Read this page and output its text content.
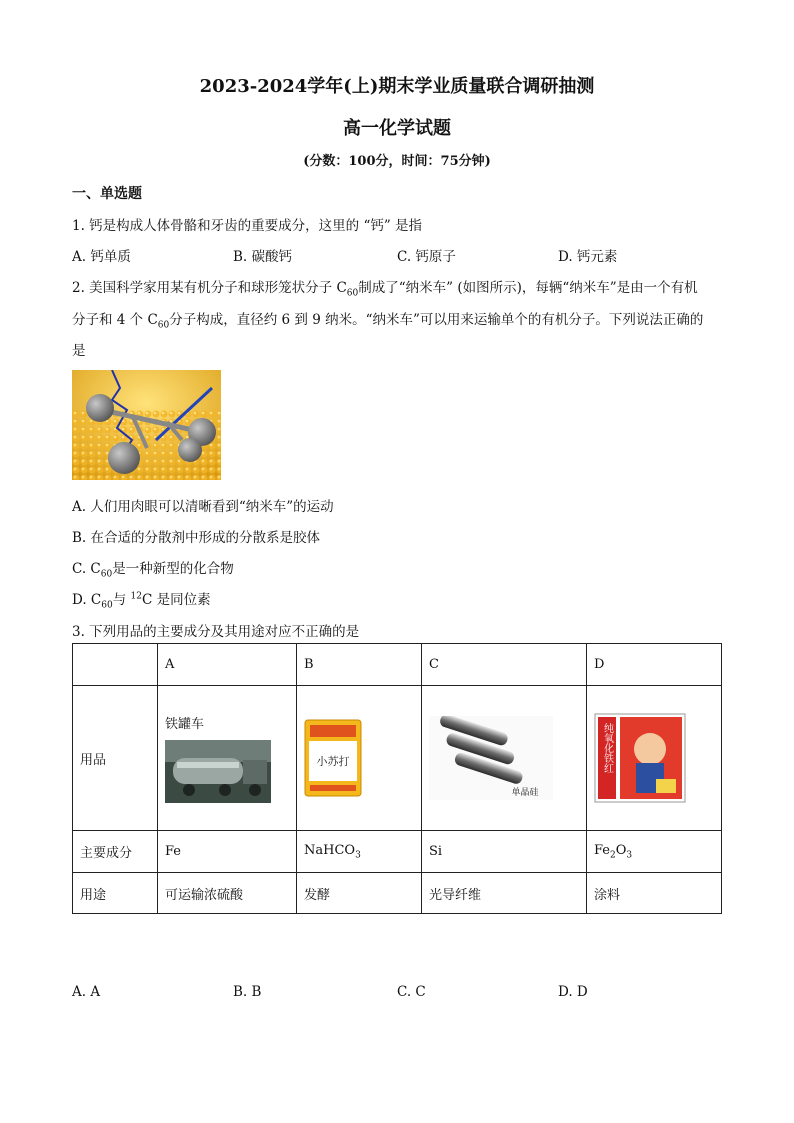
2023-2024学年(上)期末学业质量联合调研抽测
高一化学试题
(分数：100分，时间：75分钟)
一、单选题
1. 钙是构成人体骨骼和牙齿的重要成分，这里的 “钙” 是指
A. 钙单质	B. 碳酸钙	C. 钙原子	D. 钙元素
2. 美国科学家用某有机分子和球形笼状分子 $C_{60}$制成了“纳米车” (如图所示)，每辆“纳米车”是由一个有机
分子和 4 个 $C_{60}$分子构成，直径约 6 到 9 纳米。“纳米车”可以用来运输单个的有机分子。下列说法正确的
是
A. 人们用肉眼可以清晰看到“纳米车”的运动
B. 在合适的分散剂中形成的分散系是胶体
C. $C_{60}$是一种新型的化合物
D. $C_{60}$与 $^{12}$C 是同位素
3. 下列用品的主要成分及其用途对应不正确的是
	A	B	C	D
用品	铁罐车	小苏打	单晶硅	纯氧化铁红

主要成分	Fe	NaHCO$_3$	Si	$Fe_2O_3$
用途	可运输浓硫酸	发酵	光导纤维	涂料
A. A	B. B	C. C	D. D
